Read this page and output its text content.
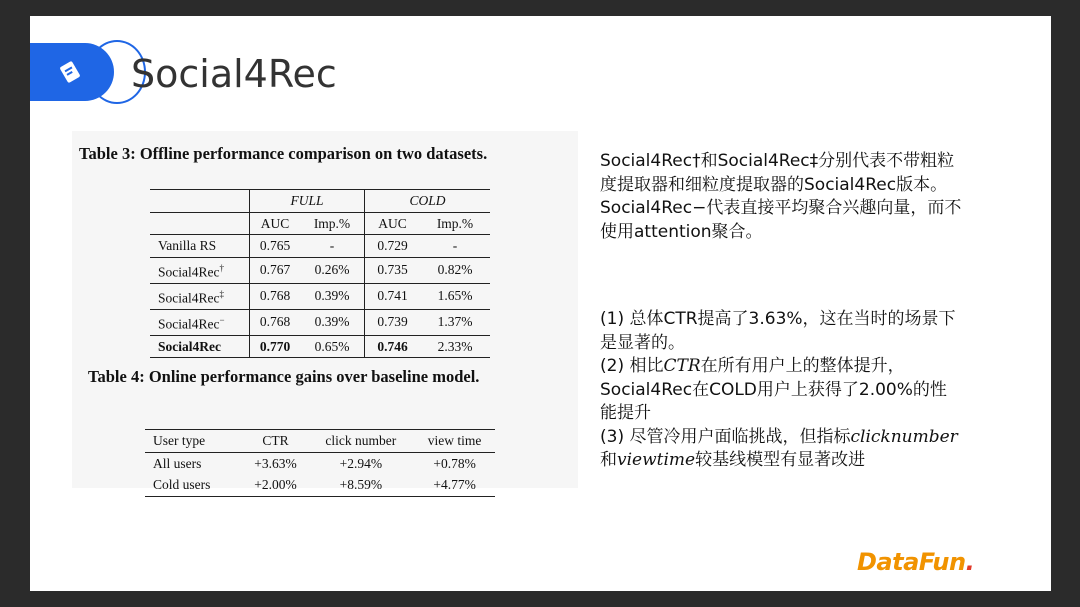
Social4Rec
Table 3: Offline performance comparison on two datasets.
	FULL		COLD	
	AUC	Imp.%	AUC	Imp.%
Vanilla RS	0.765	-	0.729	-
Social4Rec†	0.767	0.26%	0.735	0.82%
Social4Rec‡	0.768	0.39%	0.741	1.65%
Social4Rec−	0.768	0.39%	0.739	1.37%
Social4Rec	0.770	0.65%	0.746	2.33%
Table 4: Online performance gains over baseline model.
User type	CTR	click number	view time
All users	+3.63%	+2.94%	+0.78%
Cold users	+2.00%	+8.59%	+4.77%
Social4Rec†和Social4Rec‡分别代表不带粗粒
度提取器和细粒度提取器的Social4Rec版本。
Social4Rec−代表直接平均聚合兴趣向量，而不
使用attention聚合。
(1) 总体CTR提高了3.63%，这在当时的场景下
是显著的。
(2) 相比CTR在所有用户上的整体提升，
Social4Rec在COLD用户上获得了2.00%的性
能提升
(3) 尽管冷用户面临挑战，但指标clicknumber
和viewtime较基线模型有显著改进
DataFun.
